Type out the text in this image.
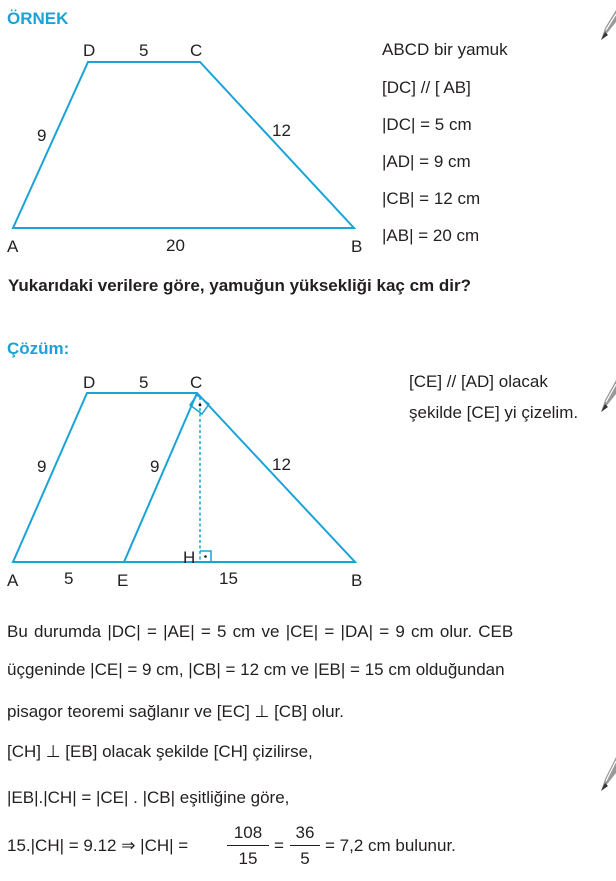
ÖRNEK
D	C
A	B
5
9	12
20
ABCD bir yamuk
[DC] // [ AB]
|DC| = 5 cm
|AD| = 9 cm
|CB| = 12 cm
|AB| = 20 cm
Yukarıdaki verilere göre, yamuğun yüksekliği kaç cm dir?
Çözüm:
D	C
A	E	B
H
5
9	9	12
5	15
[CE] // [AD] olacak
şekilde [CE] yi çizelim.
Bu durumda |DC| = |AE| = 5 cm ve |CE| = |DA| = 9 cm olur. CEB
üçgeninde |CE| = 9 cm, |CB| = 12 cm ve |EB| = 15 cm olduğundan
pisagor teoremi sağlanır ve [EC] ⊥ [CB] olur.
[CH] ⊥ [EB] olacak şekilde [CH] çizilirse,
|EB|.|CH| = |CE| . |CB| eşitliğine göre,
15.|CH| = 9.12 ⇒ $|CH| = \frac{108}{15} = \frac{36}{5} = 7,2$ cm bulunur.
